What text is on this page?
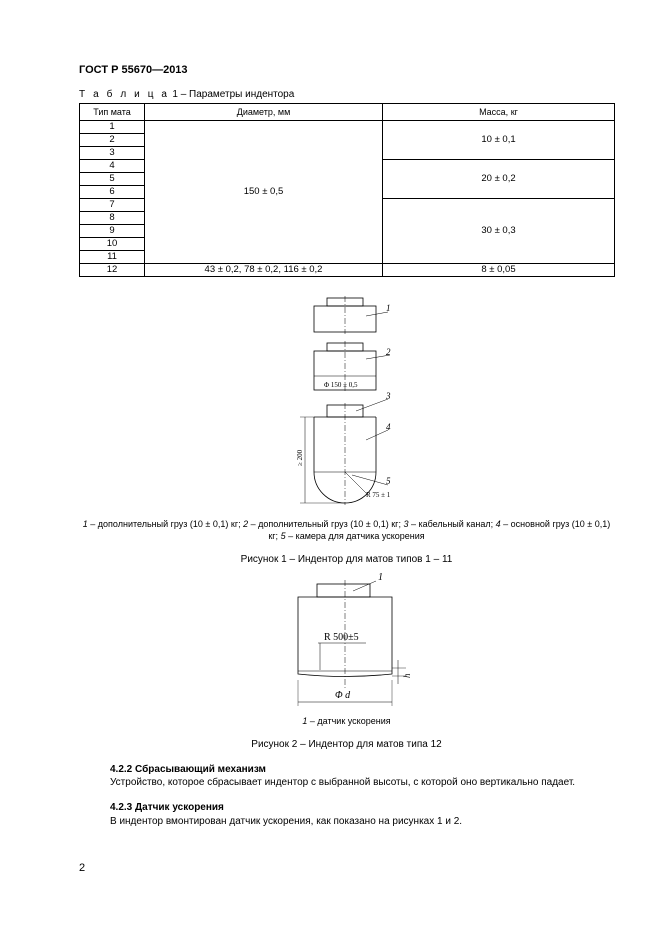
ГОСТ Р 55670—2013
Т а б л и ц а 1 – Параметры индентора
Тип мата	Диаметр, мм	Масса, кг
1	150 ± 0,5	10 ± 0,1
2		
3		
4		20 ± 0,2
5		
6		
7		30 ± 0,3
8		
9		
10		
11		
12	43 ± 0,2, 78 ± 0,2, 116 ± 0,2	8 ± 0,05
1
2
3
4
5
Φ 150 ± 0,5
≥ 200
R 75 ± 1
1 – дополнительный груз (10 ± 0,1) кг; 2 – дополнительный груз (10 ± 0,1) кг; 3 – кабельный канал; 4 – основной груз (10 ± 0,1) кг; 5 – камера для датчика ускорения
Рисунок 1 – Индентор для матов типов 1 – 11
1
R 500±5
h
Φ d
1 – датчик ускорения
Рисунок 2 – Индентор для матов типа 12
4.2.2 Сбрасывающий механизм
Устройство, которое сбрасывает индентор с выбранной высоты, с которой оно вертикально падает.
4.2.3 Датчик ускорения
В индентор вмонтирован датчик ускорения, как показано на рисунках 1 и 2.
2
